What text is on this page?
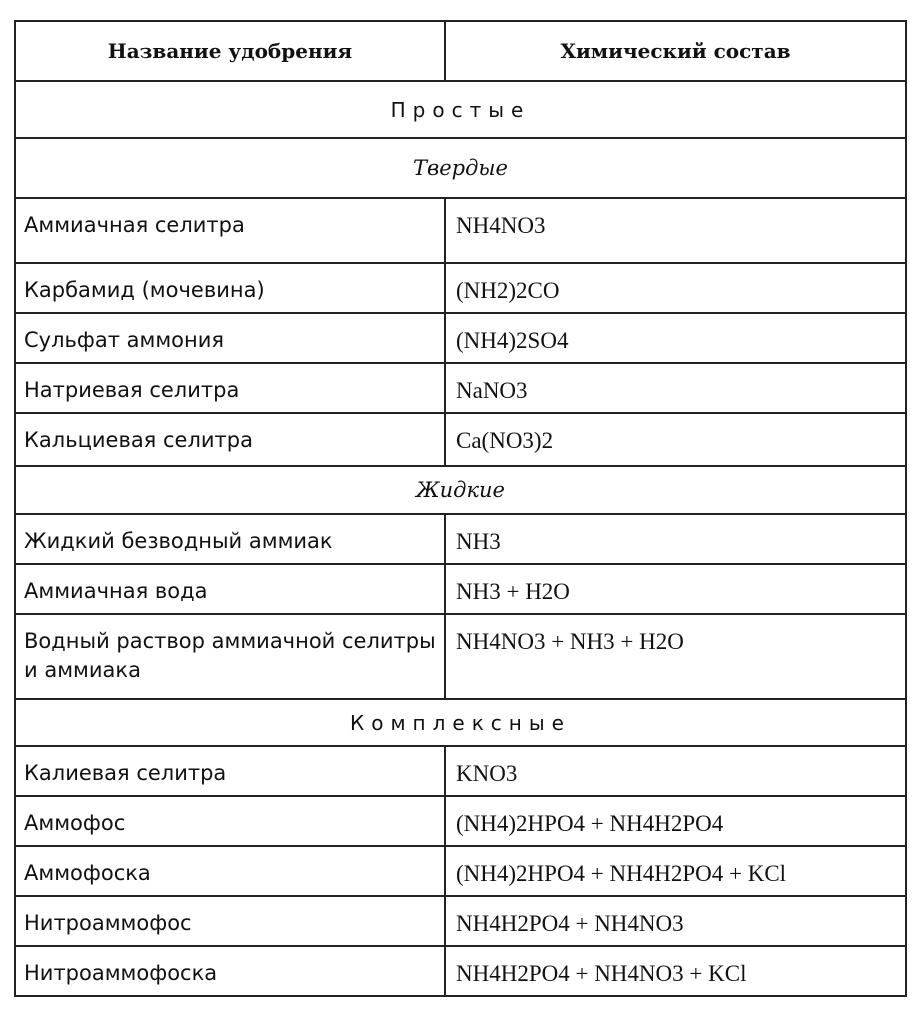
Название удобрения	Химический состав
Простые	
Твердые	
Аммиачная селитра	NH4NO3
Карбамид (мочевина)	(NH2)2CO
Сульфат аммония	(NH4)2SO4
Натриевая селитра	NaNO3
Кальциевая селитра	Ca(NO3)2
Жидкие	
Жидкий безводный аммиак	NH3
Аммиачная вода	NH3 + H2O
Водный раствор аммиачной селитры и аммиака	NH4NO3 + NH3 + H2O
Комплексные	
Калиевая селитра	KNO3
Аммофос	(NH4)2HPO4 + NH4H2PO4
Аммофоска	(NH4)2HPO4 + NH4H2PO4 + KCl
Нитроаммофос	NH4H2PO4 + NH4NO3
Нитроаммофоска	NH4H2PO4 + NH4NO3 + KCl
